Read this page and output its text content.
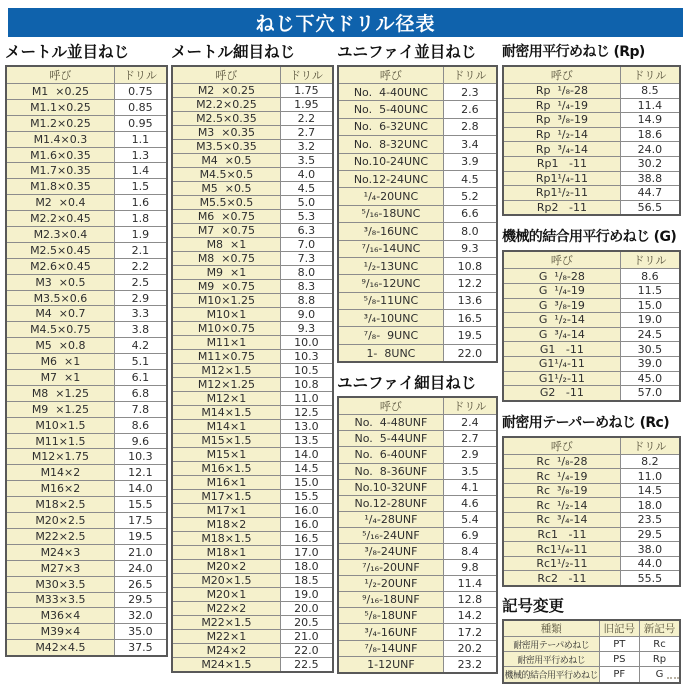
ねじ下穴ドリル径表
メートル並目ねじ
呼び	ドリル
M1  ×0.25	0.75
M1.1×0.25	0.85
M1.2×0.25	0.95
M1.4×0.3	1.1
M1.6×0.35	1.3
M1.7×0.35	1.4
M1.8×0.35	1.5
M2  ×0.4	1.6
M2.2×0.45	1.8
M2.3×0.4	1.9
M2.5×0.45	2.1
M2.6×0.45	2.2
M3  ×0.5	2.5
M3.5×0.6	2.9
M4  ×0.7	3.3
M4.5×0.75	3.8
M5  ×0.8	4.2
M6  ×1	5.1
M7  ×1	6.1
M8  ×1.25	6.8
M9  ×1.25	7.8
M10×1.5	8.6
M11×1.5	9.6
M12×1.75	10.3
M14×2	12.1
M16×2	14.0
M18×2.5	15.5
M20×2.5	17.5
M22×2.5	19.5
M24×3	21.0
M27×3	24.0
M30×3.5	26.5
M33×3.5	29.5
M36×4	32.0
M39×4	35.0
M42×4.5	37.5
メートル細目ねじ
呼び	ドリル
M2  ×0.25	1.75
M2.2×0.25	1.95
M2.5×0.35	2.2
M3  ×0.35	2.7
M3.5×0.35	3.2
M4  ×0.5	3.5
M4.5×0.5	4.0
M5  ×0.5	4.5
M5.5×0.5	5.0
M6  ×0.75	5.3
M7  ×0.75	6.3
M8  ×1	7.0
M8  ×0.75	7.3
M9  ×1	8.0
M9  ×0.75	8.3
M10×1.25	8.8
M10×1	9.0
M10×0.75	9.3
M11×1	10.0
M11×0.75	10.3
M12×1.5	10.5
M12×1.25	10.8
M12×1	11.0
M14×1.5	12.5
M14×1	13.0
M15×1.5	13.5
M15×1	14.0
M16×1.5	14.5
M16×1	15.0
M17×1.5	15.5
M17×1	16.0
M18×2	16.0
M18×1.5	16.5
M18×1	17.0
M20×2	18.0
M20×1.5	18.5
M20×1	19.0
M22×2	20.0
M22×1.5	20.5
M22×1	21.0
M24×2	22.0
M24×1.5	22.5
ユニファイ並目ねじ
呼び	ドリル
No.  4-40UNC	2.3
No.  5-40UNC	2.6
No.  6-32UNC	2.8
No.  8-32UNC	3.4
No.10-24UNC	3.9
No.12-24UNC	4.5
¹/₄-20UNC	5.2
⁵/₁₆-18UNC	6.6
³/₈-16UNC	8.0
⁷/₁₆-14UNC	9.3
¹/₂-13UNC	10.8
⁹/₁₆-12UNC	12.2
⁵/₈-11UNC	13.6
³/₄-10UNC	16.5
⁷/₈-  9UNC	19.5
1-  8UNC	22.0
ユニファイ細目ねじ
呼び	ドリル
No.  4-48UNF	2.4
No.  5-44UNF	2.7
No.  6-40UNF	2.9
No.  8-36UNF	3.5
No.10-32UNF	4.1
No.12-28UNF	4.6
¹/₄-28UNF	5.4
⁵/₁₆-24UNF	6.9
³/₈-24UNF	8.4
⁷/₁₆-20UNF	9.8
¹/₂-20UNF	11.4
⁹/₁₆-18UNF	12.8
⁵/₈-18UNF	14.2
³/₄-16UNF	17.2
⁷/₈-14UNF	20.2
1-12UNF	23.2
耐密用平行めねじ (Rp)
呼び	ドリル
Rp  ¹/₈-28	8.5
Rp  ¹/₄-19	11.4
Rp  ³/₈-19	14.9
Rp  ¹/₂-14	18.6
Rp  ³/₄-14	24.0
Rp1   -11	30.2
Rp1¹/₄-11	38.8
Rp1¹/₂-11	44.7
Rp2   -11	56.5
機械的結合用平行めねじ (G)
呼び	ドリル
G  ¹/₈-28	8.6
G  ¹/₄-19	11.5
G  ³/₈-19	15.0
G  ¹/₂-14	19.0
G  ³/₄-14	24.5
G1   -11	30.5
G1¹/₄-11	39.0
G1¹/₂-11	45.0
G2   -11	57.0
耐密用テーパーめねじ (Rc)
呼び	ドリル
Rc  ¹/₈-28	8.2
Rc  ¹/₄-19	11.0
Rc  ³/₈-19	14.5
Rc  ¹/₂-14	18.0
Rc  ³/₄-14	23.5
Rc1   -11	29.5
Rc1¹/₄-11	38.0
Rc1¹/₂-11	44.0
Rc2   -11	55.5
記号変更
種類	旧記号	新記号
耐密用テーパめねじ	PT	Rc
耐密用平行めねじ	PS	Rp
機械的結合用平行めねじ	PF	G
